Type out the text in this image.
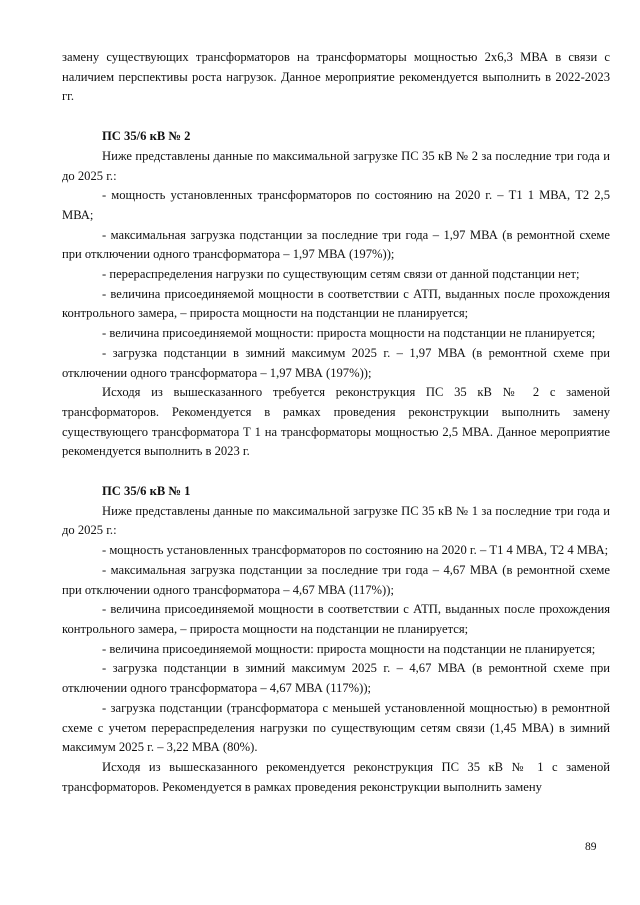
замену существующих трансформаторов на трансформаторы мощностью 2х6,3 МВА в связи с наличием перспективы роста нагрузок. Данное мероприятие рекомендуется выполнить в 2022-2023 гг.

ПС 35/6 кВ № 2

Ниже представлены данные по максимальной загрузке ПС 35 кВ № 2 за последние три года и до 2025 г.:

- мощность установленных трансформаторов по состоянию на 2020 г. – Т1 1 МВА, Т2 2,5 МВА;

- максимальная загрузка подстанции за последние три года – 1,97 МВА (в ремонтной схеме при отключении одного трансформатора – 1,97 МВА (197%));

- перераспределения нагрузки по существующим сетям связи от данной подстанции нет;

- величина присоединяемой мощности в соответствии с АТП, выданных после прохождения контрольного замера, – прироста мощности на подстанции не планируется;

- величина присоединяемой мощности: прироста мощности на подстанции не планируется;

- загрузка подстанции в зимний максимум 2025 г. – 1,97 МВА (в ремонтной схеме при отключении одного трансформатора – 1,97 МВА (197%));

Исходя из вышесказанного требуется реконструкция ПС 35 кВ № 2 с заменой трансформаторов. Рекомендуется в рамках проведения реконструкции выполнить замену существующего трансформатора Т 1 на трансформаторы мощностью 2,5 МВА. Данное мероприятие рекомендуется выполнить в 2023 г.

ПС 35/6 кВ № 1

Ниже представлены данные по максимальной загрузке ПС 35 кВ № 1 за последние три года и до 2025 г.:

- мощность установленных трансформаторов по состоянию на 2020 г. – Т1 4 МВА, Т2 4 МВА;

- максимальная загрузка подстанции за последние три года – 4,67 МВА (в ремонтной схеме при отключении одного трансформатора – 4,67 МВА (117%));

- величина присоединяемой мощности в соответствии с АТП, выданных после прохождения контрольного замера, – прироста мощности на подстанции не планируется;

- величина присоединяемой мощности: прироста мощности на подстанции не планируется;

- загрузка подстанции в зимний максимум 2025 г. – 4,67 МВА (в ремонтной схеме при отключении одного трансформатора – 4,67 МВА (117%));

- загрузка подстанции (трансформатора с меньшей установленной мощностью) в ремонтной схеме с учетом перераспределения нагрузки по существующим сетям связи (1,45 МВА) в зимний максимум 2025 г. – 3,22 МВА (80%).

Исходя из вышесказанного рекомендуется реконструкция ПС 35 кВ № 1 с заменой трансформаторов. Рекомендуется в рамках проведения реконструкции выполнить замену

89
